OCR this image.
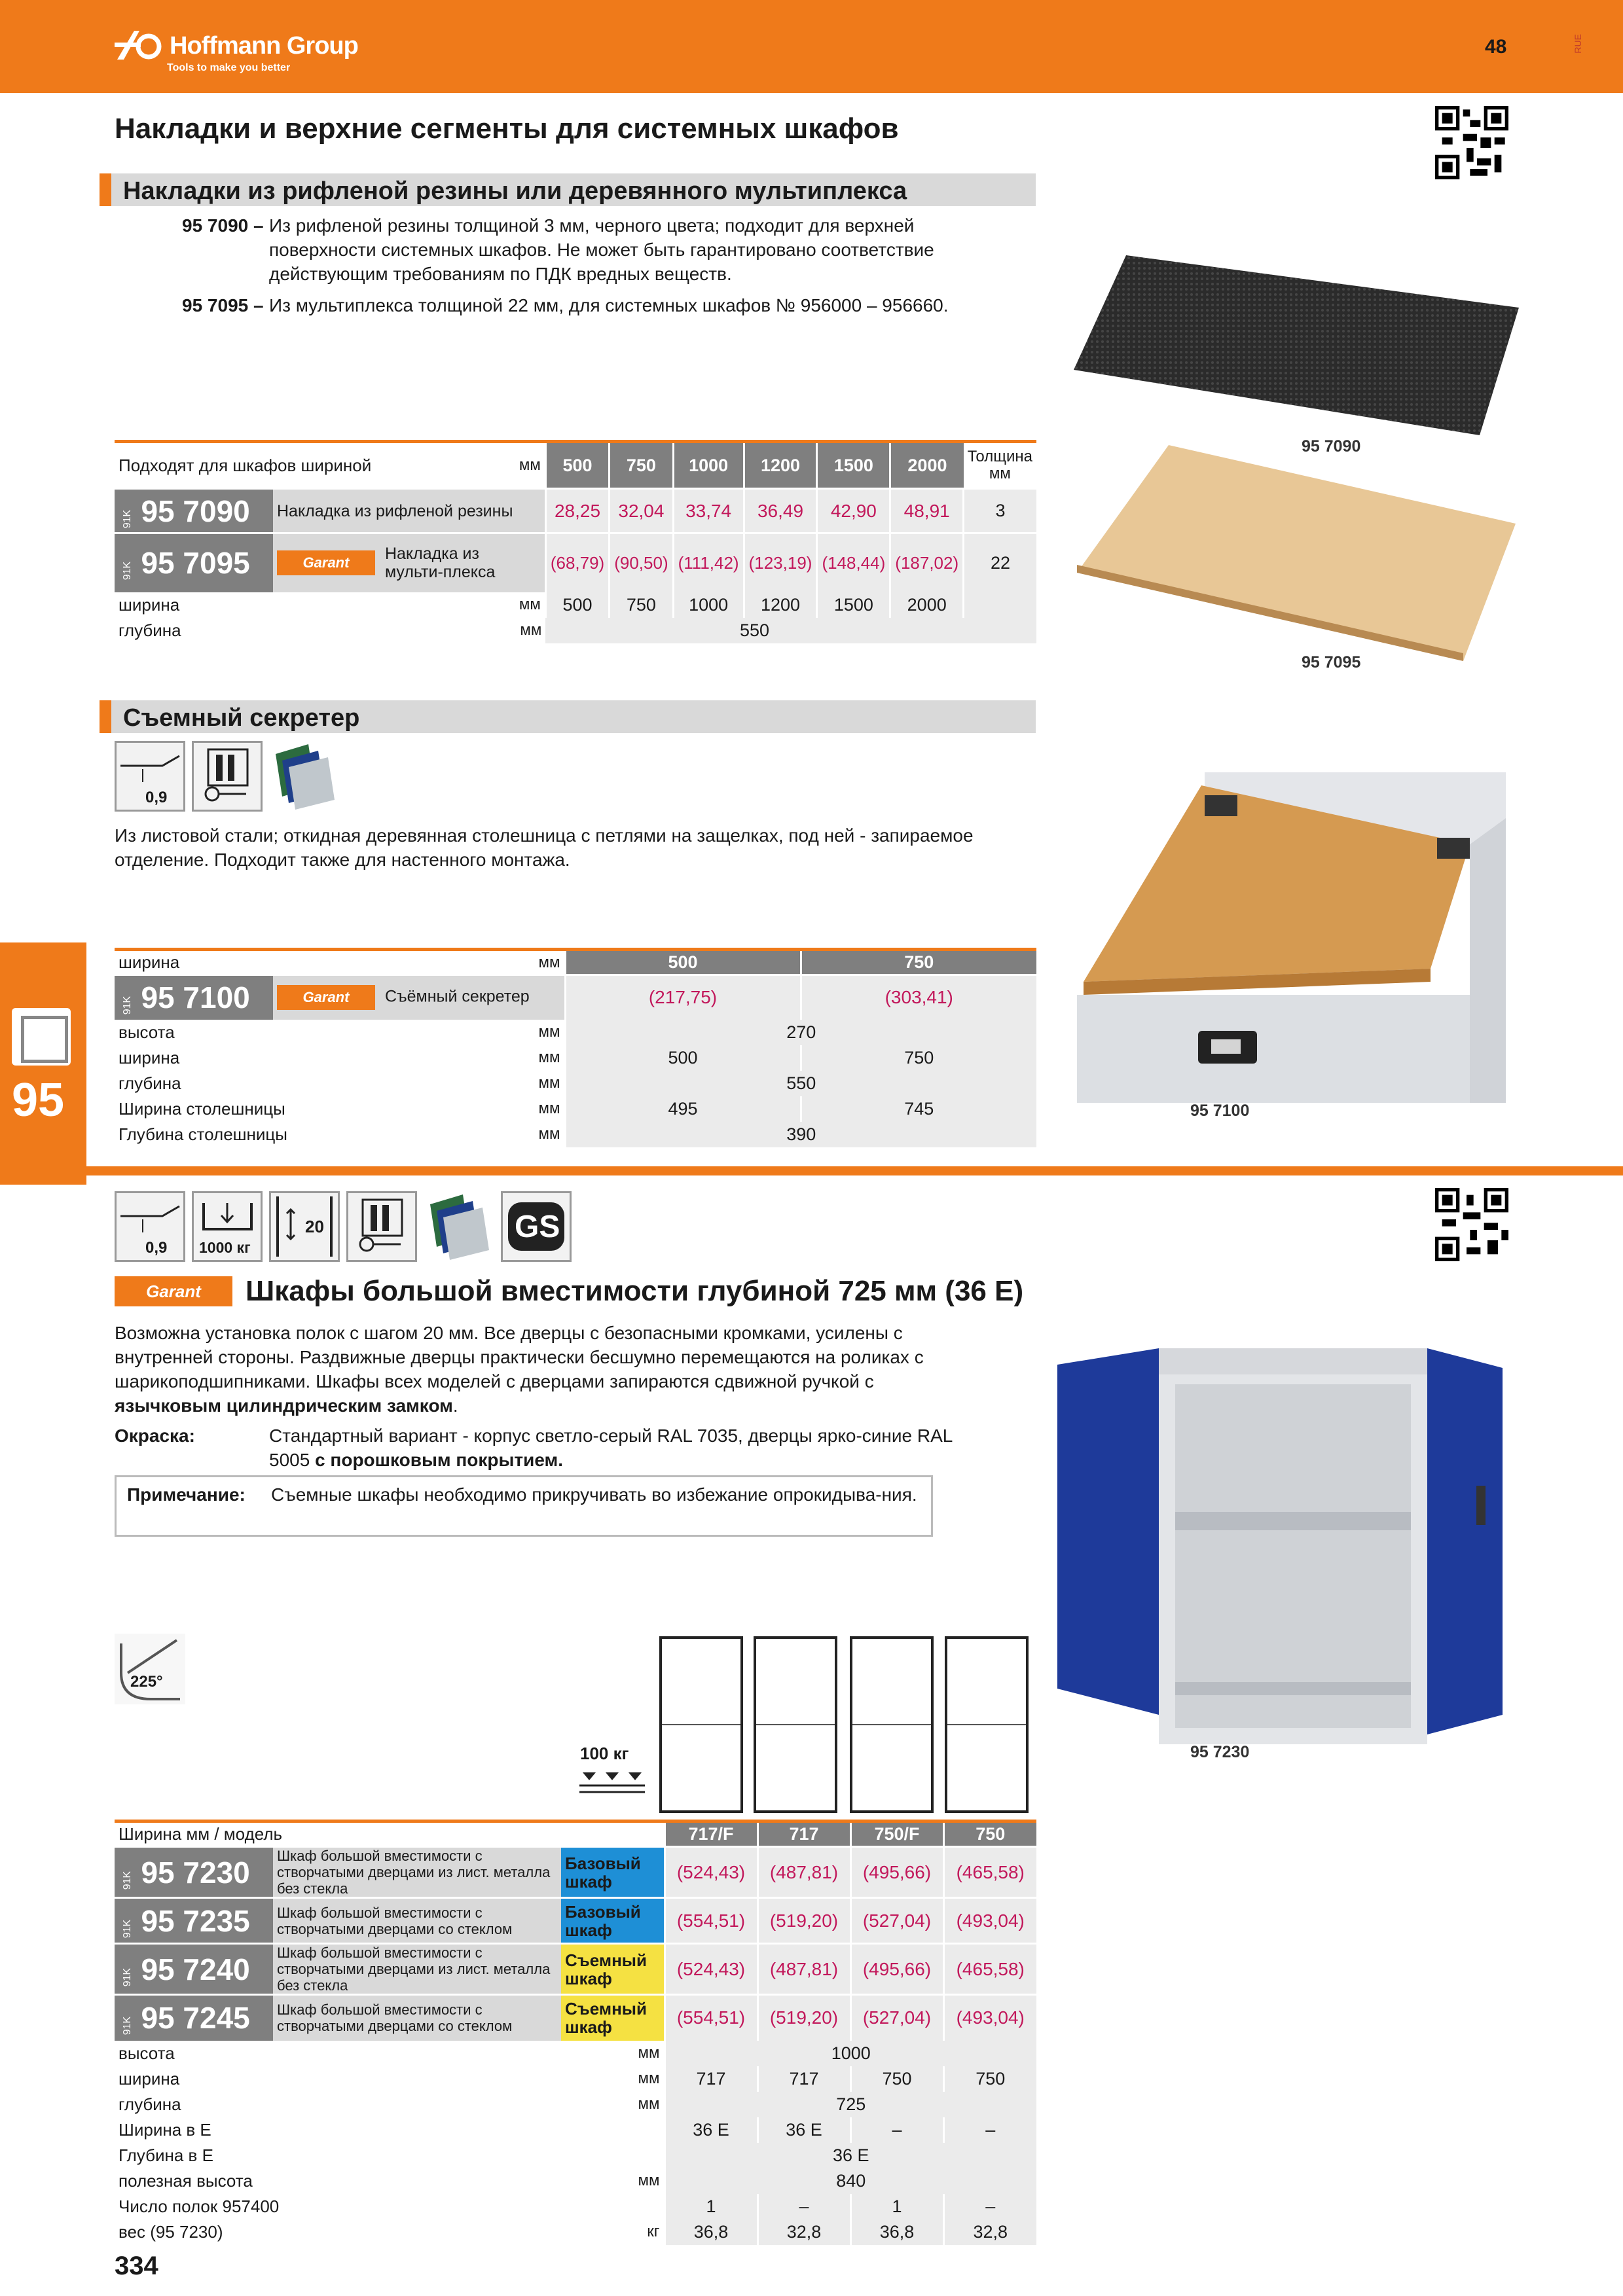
Hoffmann Group
Tools to make you better
48	RUE
Накладки и верхние сегменты для системных шкафов
Накладки из рифленой резины или деревянного мультиплекса
95 7090 – Из рифленой резины толщиной 3 мм, черного цвета; подходит для верхней поверхности системных шкафов. Не может быть гарантировано соответствие действующим требованиям по ПДК вредных веществ.
95 7095 – Из мультиплекса толщиной 22 мм, для системных шкафов № 956000 – 956660.
95 7090
95 7095
Подходят для шкафов шириной		мм	500	750	1000	1200	1500	2000	Толщина мм
91K 95 7090	Накладка из рифленой резины		28,25	32,04	33,74	36,49	42,90	48,91	3
91K 95 7095	Garant Накладка из мульти-плекса		(68,79)	(90,50)	(111,42)	(123,19)	(148,44)	(187,02)	22
ширина		мм	500	750	1000	1200	1500	2000	
глубина		мм	550						
Съемный секретер
0,9
Из листовой стали; откидная деревянная столешница с петлями на защелках, под ней - запираемое отделение. Подходит также для настенного монтажа.
95 7100
ширина		мм	500	750
91K 95 7100	Garant Съёмный секретер		(217,75)	(303,41)
высота		мм	270	
ширина		мм	500	750
глубина		мм	550	
Ширина столешницы		мм	495	745
Глубина столешницы		мм	390	
95
0,9 1000 кг
20	GS
Garant	Шкафы большой вместимости глубиной 725 мм (36 E)
Возможна установка полок с шагом 20 мм. Все дверцы с безопасными кромками, усилены с внутренней стороны. Раздвижные дверцы практически бесшумно перемещаются на роликах с шарикоподшипниками. Шкафы всех моделей с дверцами запираются сдвижной ручкой с язычковым цилиндрическим замком.
Окраска:	Стандартный вариант - корпус светло-серый RAL 7035, дверцы ярко-синие RAL 5005 с порошковым покрытием.
Примечание:	Съемные шкафы необходимо прикручивать во избежание опрокидыва-ния.
95 7230
225°
100 кг
Ширина мм / модель				717/F	717	750/F	750
91K 95 7230	Шкаф большой вместимости с створчатыми дверцами из лист. металла без стекла	Базовый шкаф		(524,43)	(487,81)	(495,66)	(465,58)
91K 95 7235	Шкаф большой вместимости с створчатыми дверцами со стеклом	Базовый шкаф		(554,51)	(519,20)	(527,04)	(493,04)
91K 95 7240	Шкаф большой вместимости с створчатыми дверцами из лист. металла без стекла	Съемный шкаф		(524,43)	(487,81)	(495,66)	(465,58)
91K 95 7245	Шкаф большой вместимости с створчатыми дверцами со стеклом	Съемный шкаф		(554,51)	(519,20)	(527,04)	(493,04)
высота			мм	1000			
ширина			мм	717	717	750	750
глубина			мм	725			
Ширина в E				36 E	36 E	–	–
Глубина в E				36 E			
полезная высота			мм	840			
Число полок 957400				1	–	1	–
вес (95 7230)			кг	36,8	32,8	36,8	32,8
334
